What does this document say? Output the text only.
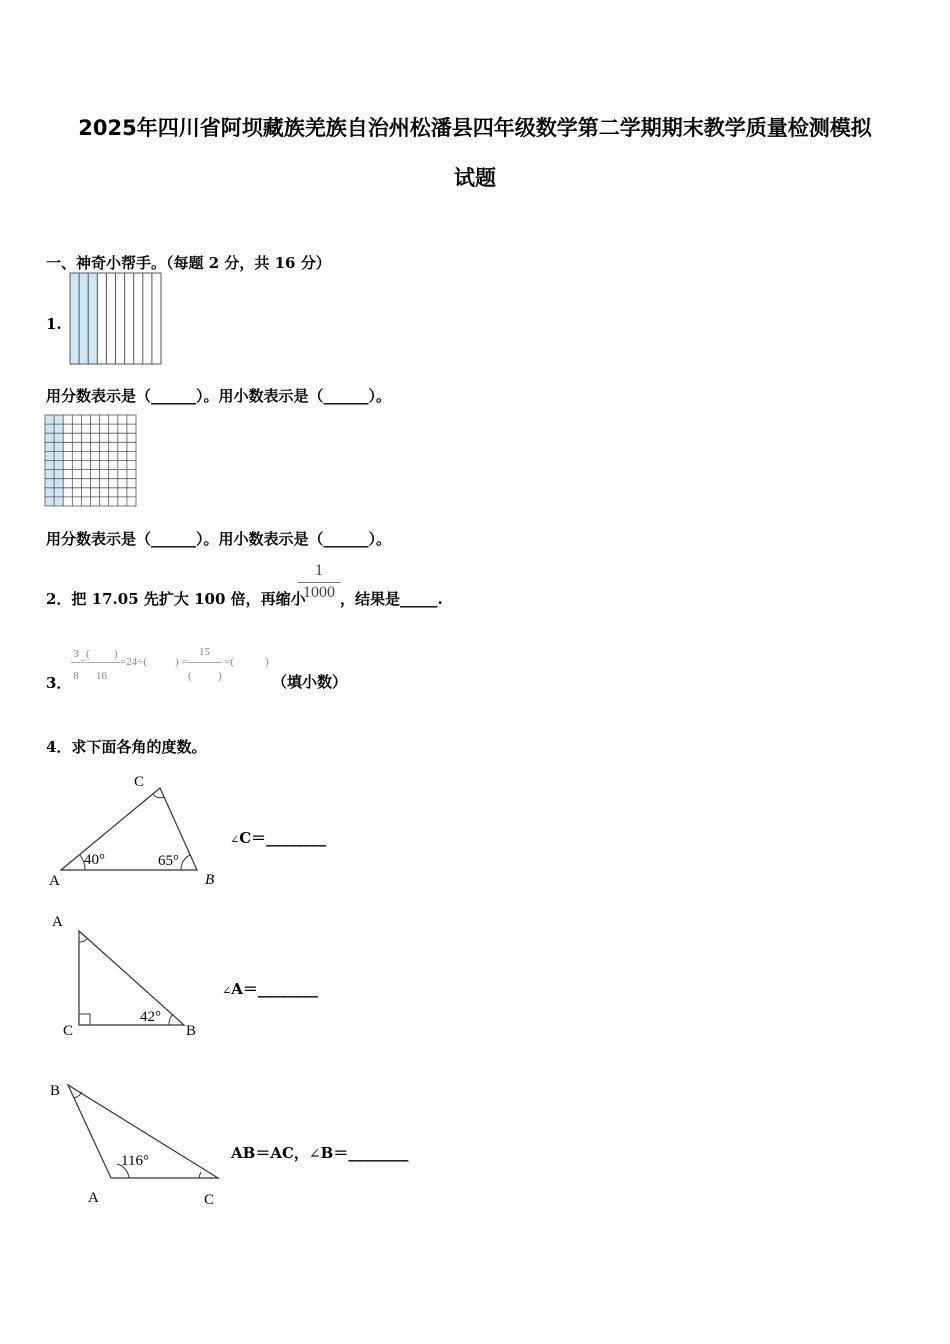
2025年四川省阿坝藏族羌族自治州松潘县四年级数学第二学期期末教学质量检测模拟
试题
一、神奇小帮手。（每题 2 分，共 16 分）
1.
用分数表示是（______）。用小数表示是（______）。
用分数表示是（______）。用小数表示是（______）。
2．把 17.05 先扩大 100 倍，再缩小
$\frac{1}{1000}$ ，结果是_____.
3．
3
8
=
( )
16
=24÷(	) =
15
( )
=(	)
（填小数）
4．求下面各角的度数。
A	B
C
40°	65°
∠C＝________
A
B
C
42°
∠A＝________
B
A	C
116°	AB＝AC，∠B＝________
